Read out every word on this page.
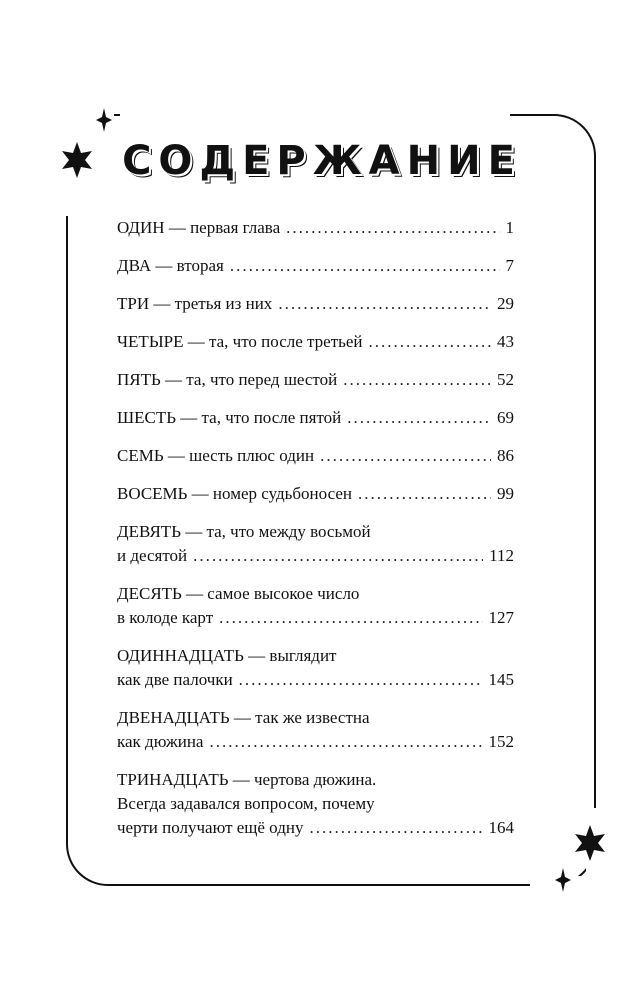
СОДЕРЖАНИЕ
ОДИН — первая глава .....	1
ДВА — вторая .....	7
ТРИ — третья из них .....	29
ЧЕТЫРЕ — та, что после третьей .....	43
ПЯТЬ — та, что перед шестой .....	52
ШЕСТЬ — та, что после пятой .....	69
СЕМЬ — шесть плюс один .....	86
ВОСЕМЬ — номер судьбоносен .....	99
ДЕВЯТЬ — та, что между восьмой
и десятой .....	112
ДЕСЯТЬ — самое высокое число
в колоде карт .....	127
ОДИННАДЦАТЬ — выглядит
как две палочки .....	145
ДВЕНАДЦАТЬ — так же известна
как дюжина .....	152
ТРИНАДЦАТЬ — чертова дюжина.
Всегда задавался вопросом, почему
черти получают ещё одну .....	164
